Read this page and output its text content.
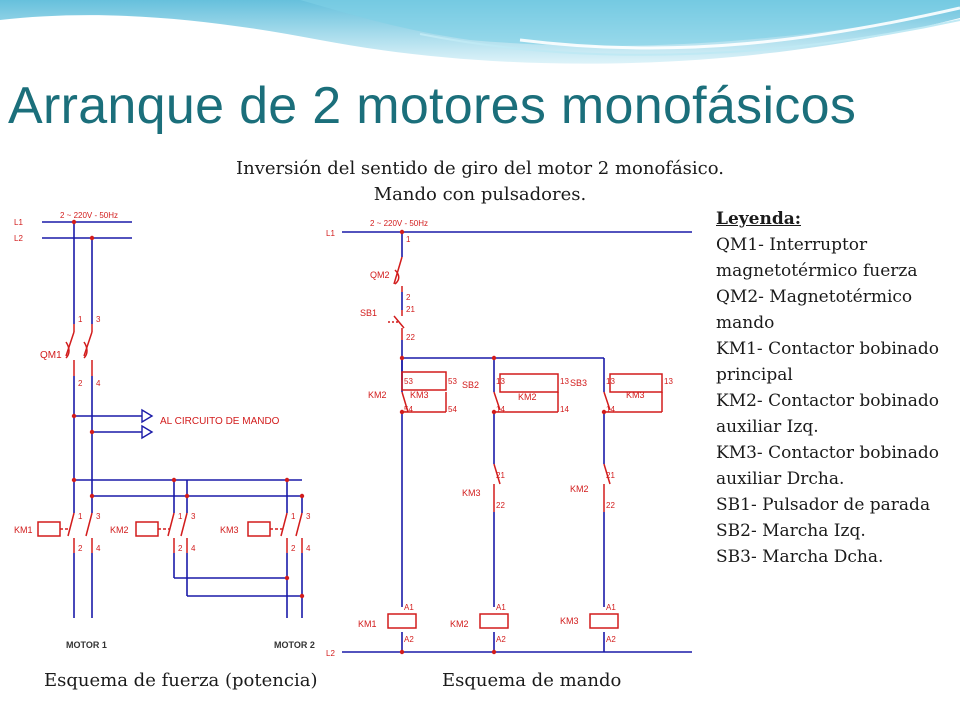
Arranque de 2 motores monofásicos
Inversión del sentido de giro del motor 2 monofásico.
Mando con pulsadores.
L1
L2
2 ~ 220V - 50Hz
1 3
2 4
QM1
AL CIRCUITO DE MANDO
KM1	KM2	KM3
1 3	1 3	1 3
2 4	2 4	2 4
MOTOR 1	MOTOR 2
L1
L2
2 ~ 220V - 50Hz
1
2
QM2
21
22
SB1
53
54
53
54
KM2	KM3
13
14
SB2
KM2
13
14
SB3 13
14
KM3
13
21
22
KM3
21
22
KM2
A1
A2
KM1
A1
A2
KM2
A1
A2
KM3
Leyenda:
QM1- Interruptor magnetotérmico fuerza
QM2- Magnetotérmico mando
KM1- Contactor bobinado principal
KM2- Contactor bobinado auxiliar Izq.
KM3- Contactor bobinado auxiliar Drcha.
SB1- Pulsador de parada
SB2- Marcha Izq.
SB3- Marcha Dcha.
Esquema de fuerza (potencia)	Esquema de mando
